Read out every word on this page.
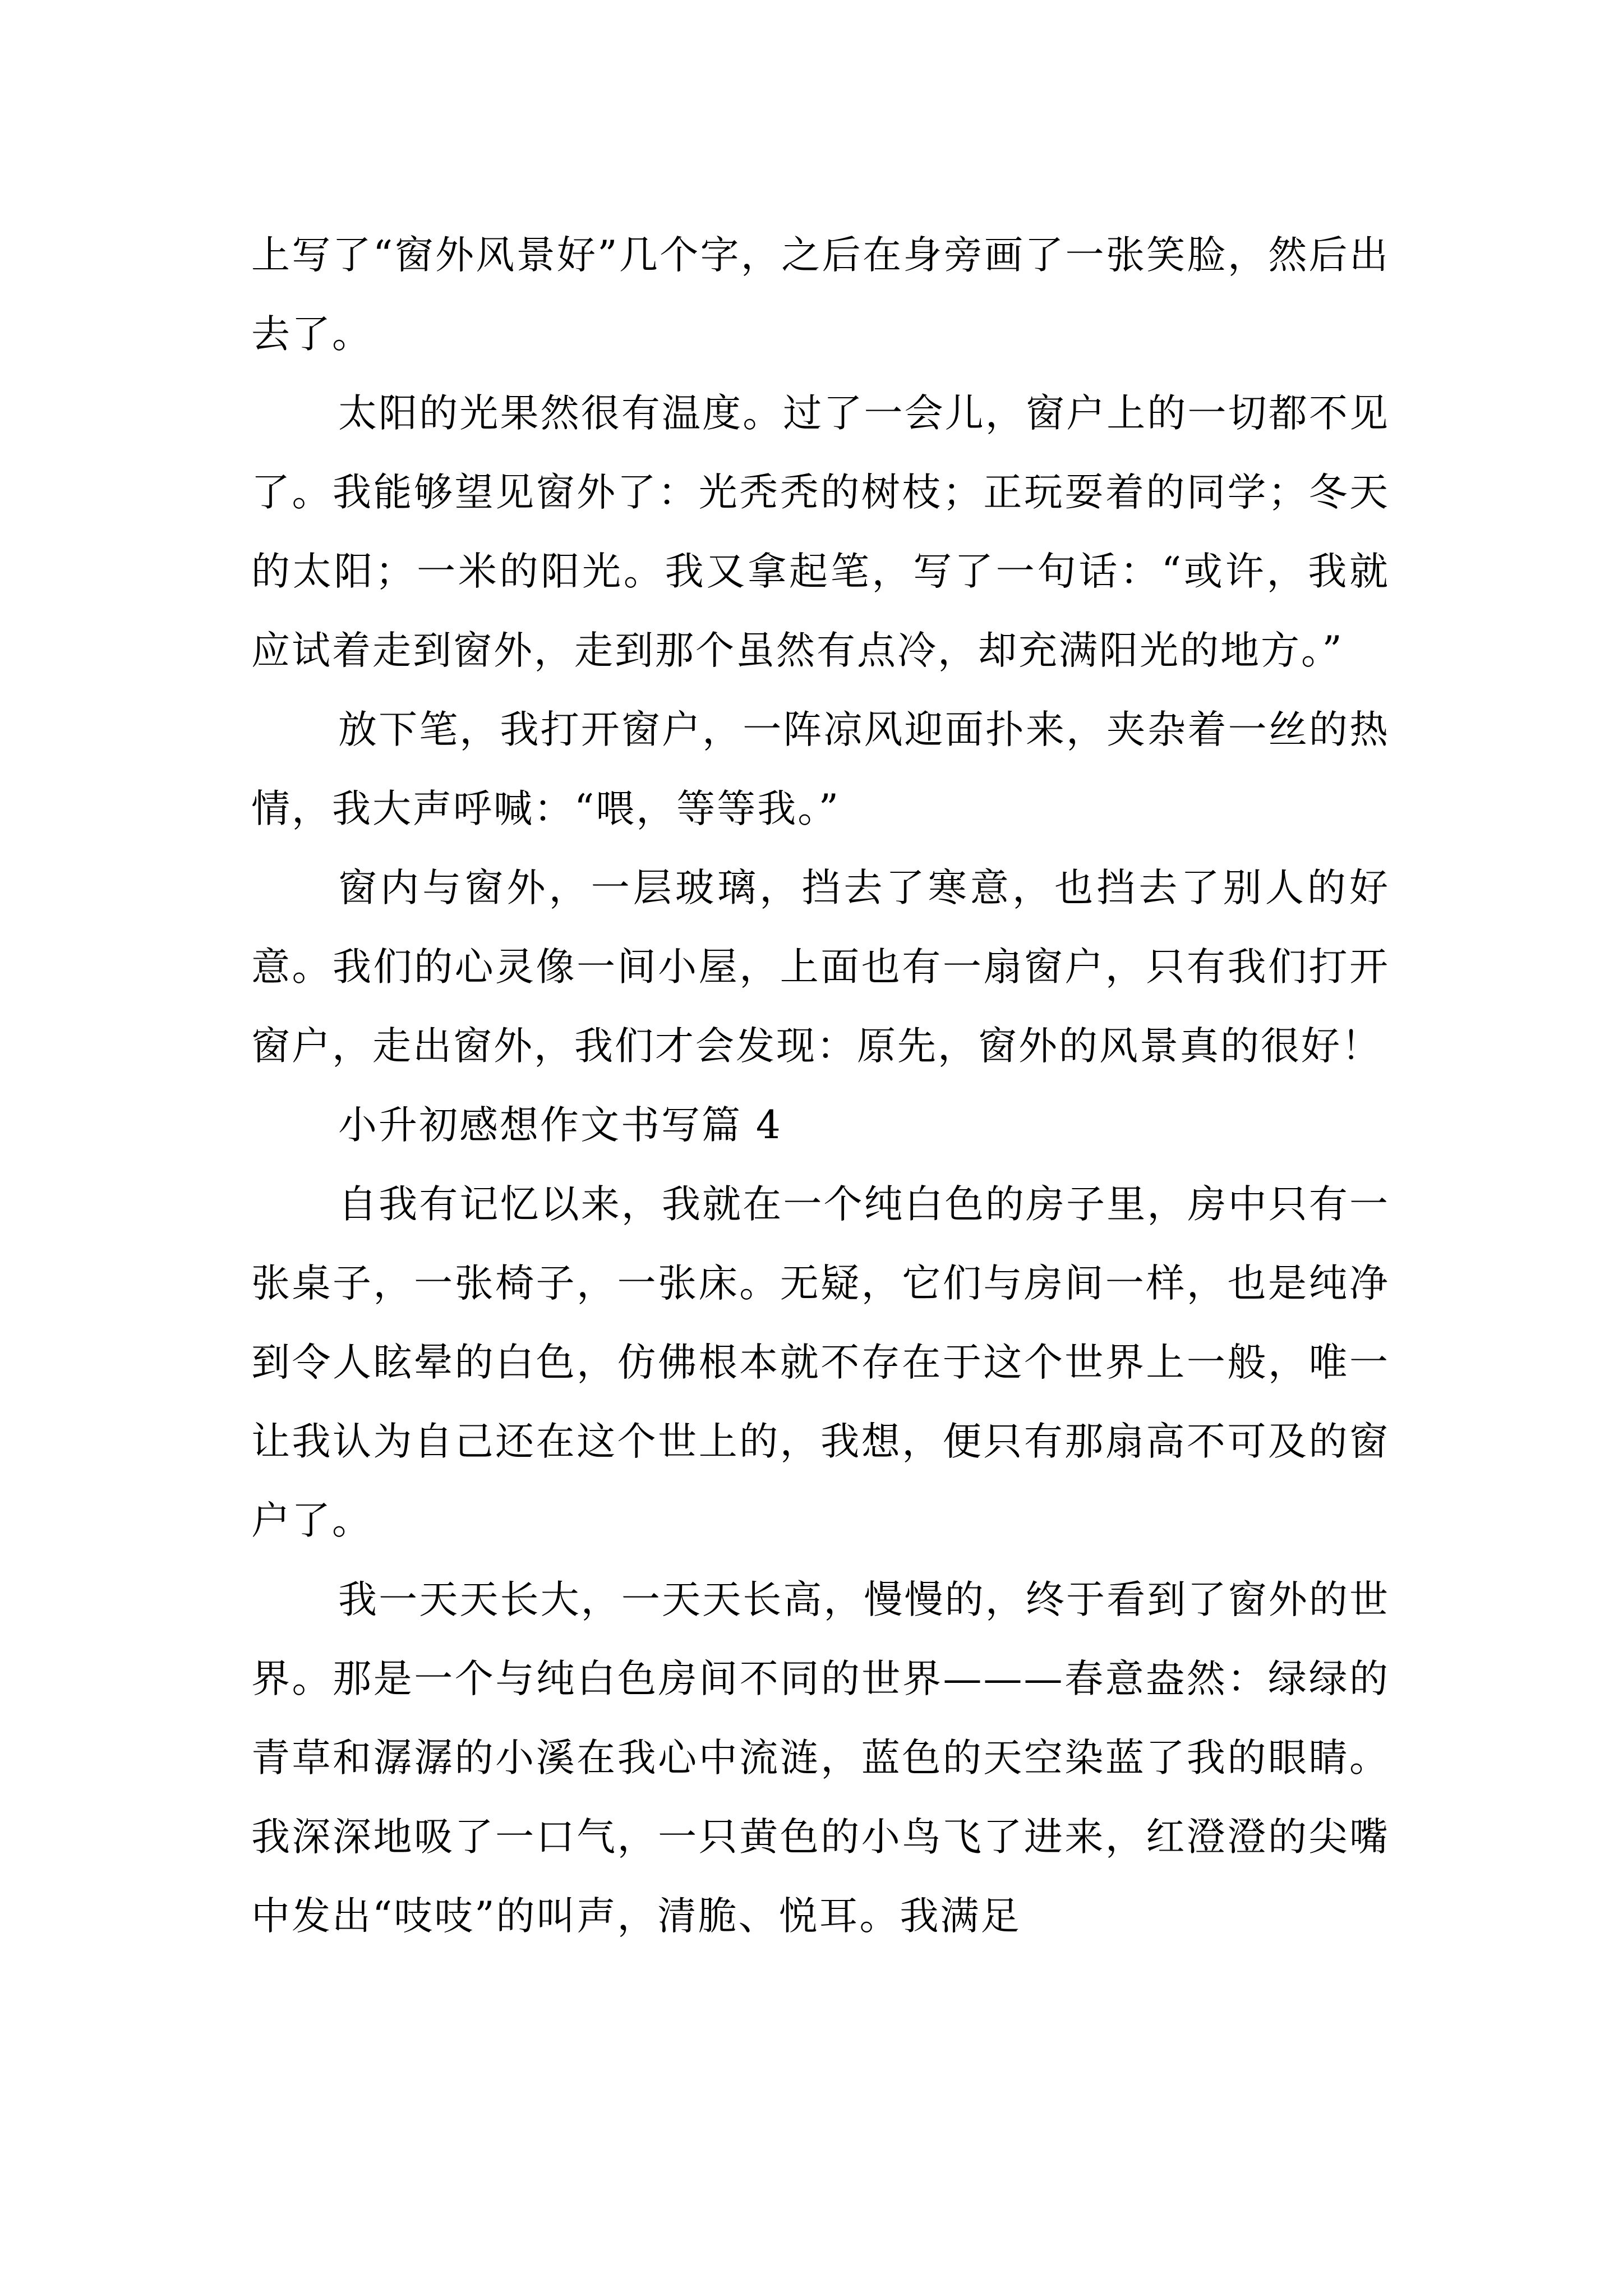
上写了“窗外风景好”几个字，之后在身旁画了一张笑脸，然后出去了。

太阳的光果然很有温度。过了一会儿，窗户上的一切都不见了。我能够望见窗外了：光秃秃的树枝；正玩耍着的同学；冬天的太阳；一米的阳光。我又拿起笔，写了一句话：“或许，我就应试着走到窗外，走到那个虽然有点冷，却充满阳光的地方。”

放下笔，我打开窗户，一阵凉风迎面扑来，夹杂着一丝的热情，我大声呼喊：“喂，等等我。”

窗内与窗外，一层玻璃，挡去了寒意，也挡去了别人的好意。我们的心灵像一间小屋，上面也有一扇窗户，只有我们打开窗户，走出窗外，我们才会发现：原先，窗外的风景真的很好！

小升初感想作文书写篇 4

自我有记忆以来，我就在一个纯白色的房子里，房中只有一张桌子，一张椅子，一张床。无疑，它们与房间一样，也是纯净到令人眩晕的白色，仿佛根本就不存在于这个世界上一般，唯一让我认为自己还在这个世上的，我想，便只有那扇高不可及的窗户了。

我一天天长大，一天天长高，慢慢的，终于看到了窗外的世界。那是一个与纯白色房间不同的世界———春意盎然：绿绿的青草和潺潺的小溪在我心中流涟，蓝色的天空染蓝了我的眼睛。我深深地吸了一口气，一只黄色的小鸟飞了进来，红澄澄的尖嘴中发出“吱吱”的叫声，清脆、悦耳。我满足
